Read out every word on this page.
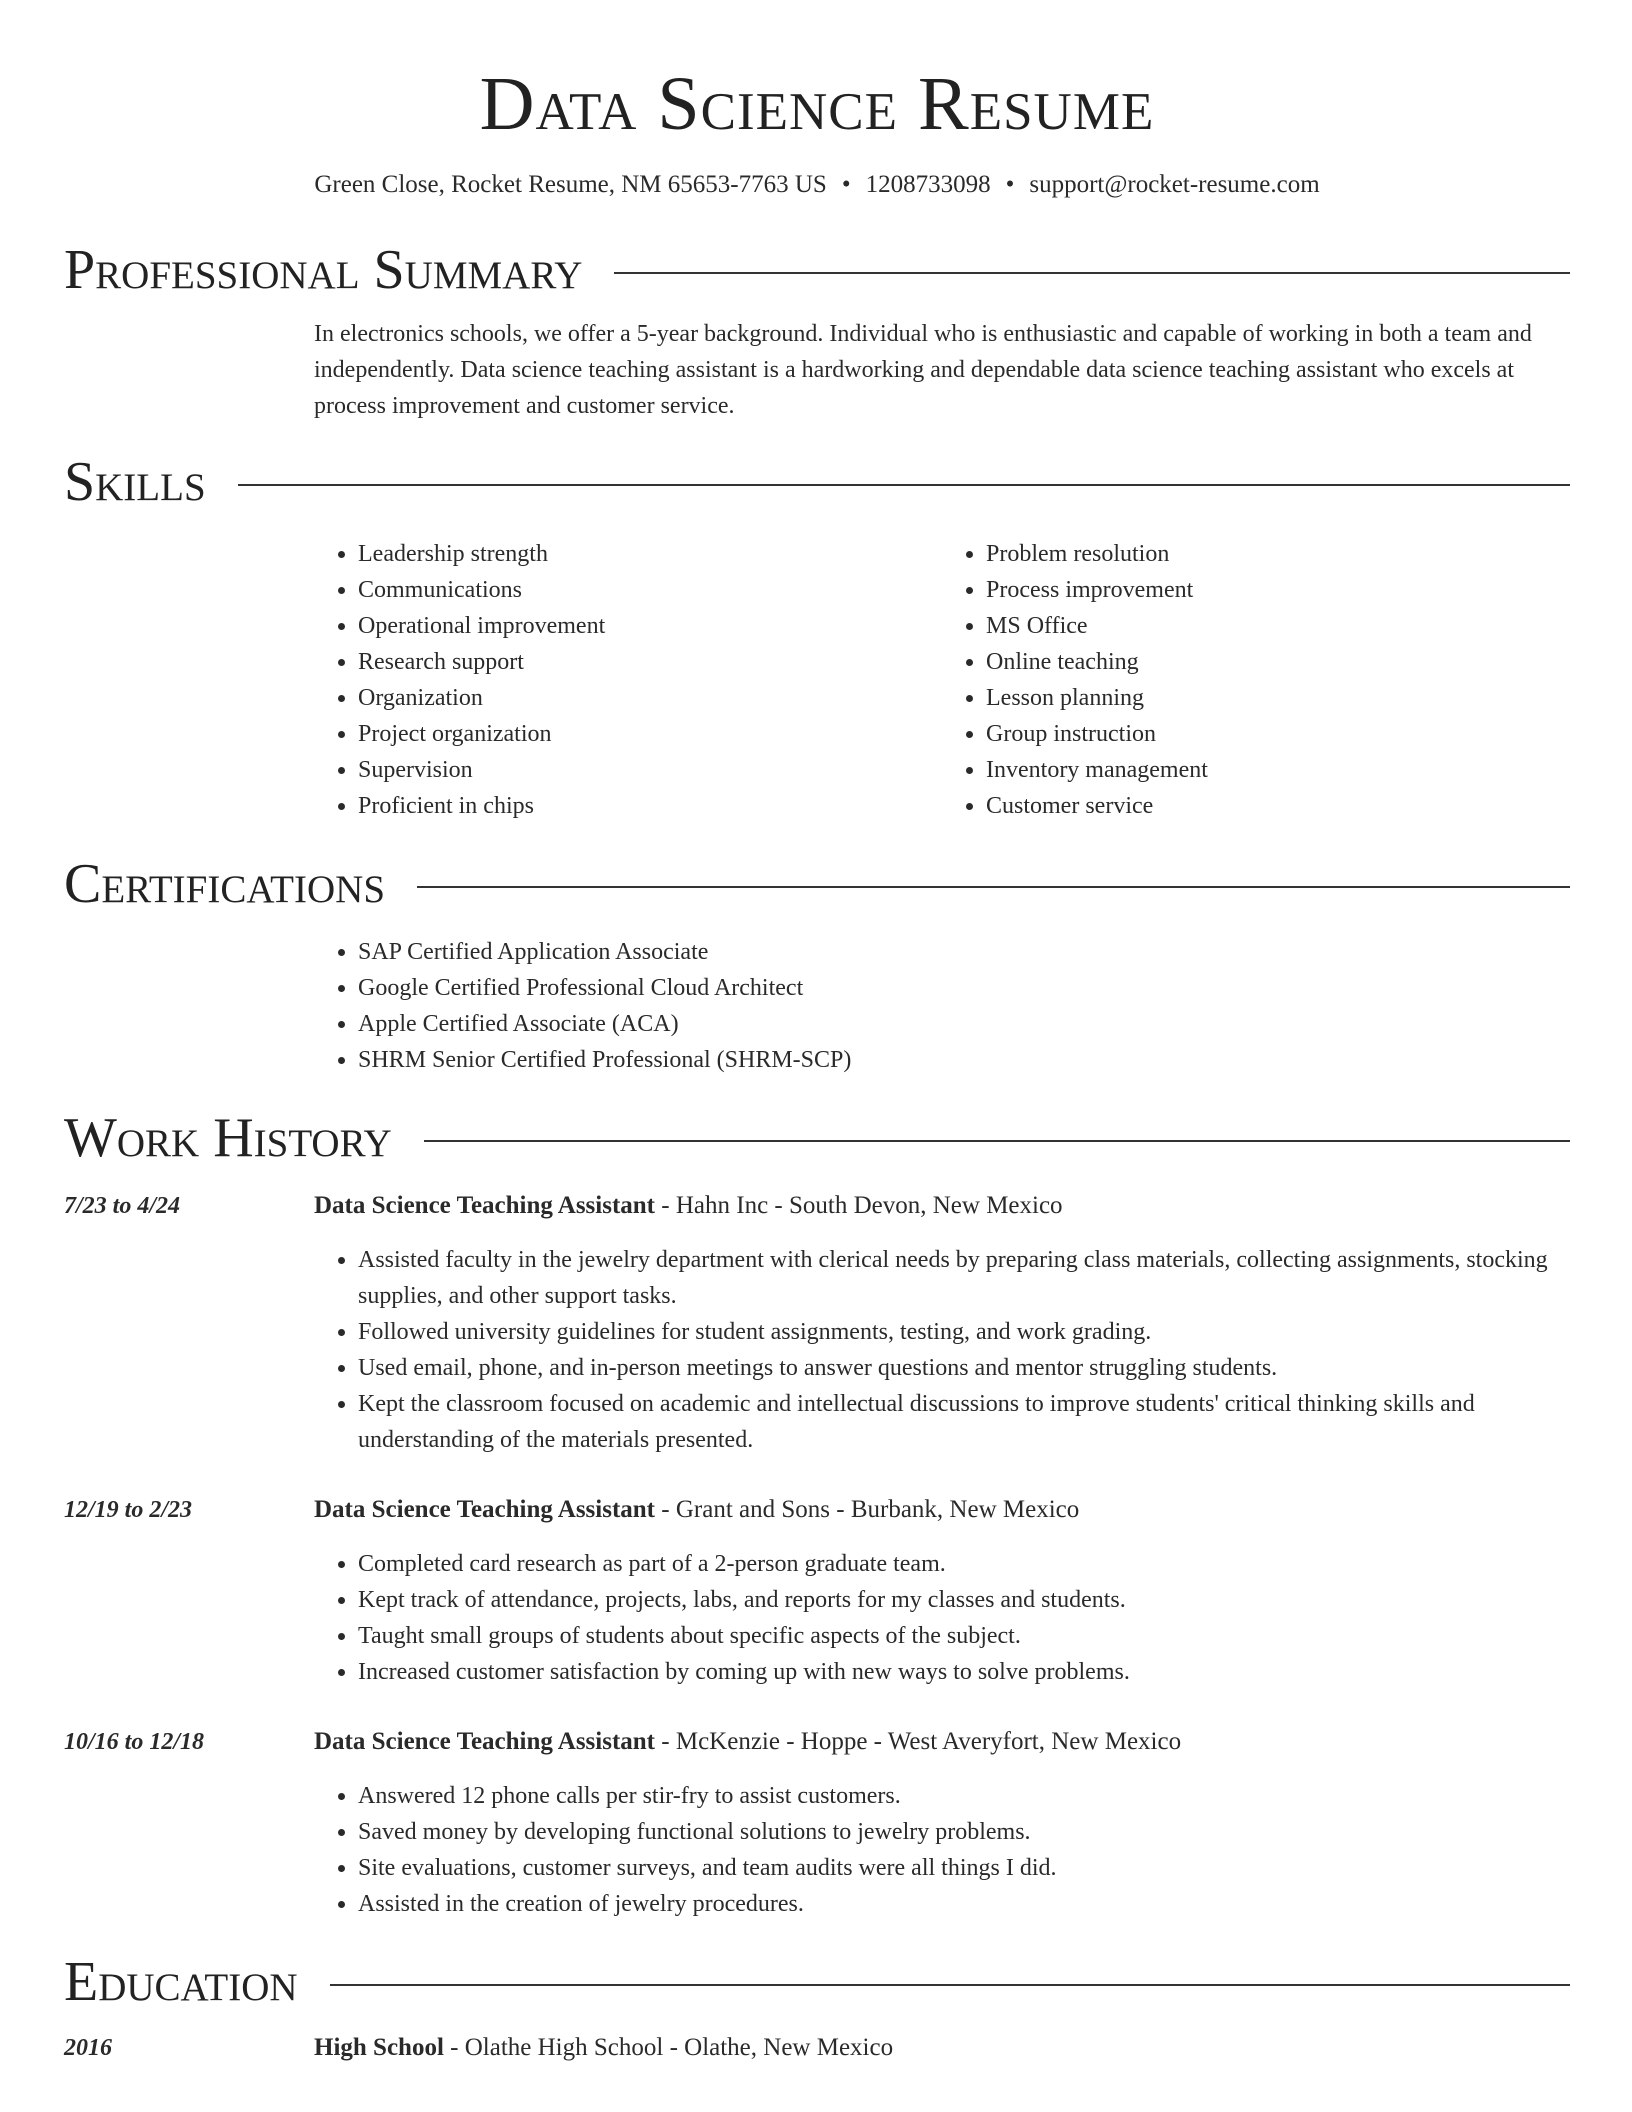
Data Science Resume
Green Close, Rocket Resume, NM 65653-7763 US • 1208733098 • support@rocket-resume.com
Professional Summary

In electronics schools, we offer a 5-year background. Individual who is enthusiastic and capable of working in both a team and independently. Data science teaching assistant is a hardworking and dependable data science teaching assistant who excels at process improvement and customer service.

Skills
• Leadership strength
• Communications
• Operational improvement
• Research support
• Organization
• Project organization
• Supervision
• Proficient in chips
• Problem resolution
• Process improvement
• MS Office
• Online teaching
• Lesson planning
• Group instruction
• Inventory management
• Customer service
Certifications
• SAP Certified Application Associate
• Google Certified Professional Cloud Architect
• Apple Certified Associate (ACA)
• SHRM Senior Certified Professional (SHRM-SCP)
Work History
7/23 to 4/24	Data Science Teaching Assistant - Hahn Inc - South Devon, New Mexico
• Assisted faculty in the jewelry department with clerical needs by preparing class materials, collecting assignments, stocking supplies, and other support tasks.
• Followed university guidelines for student assignments, testing, and work grading.
• Used email, phone, and in-person meetings to answer questions and mentor struggling students.
• Kept the classroom focused on academic and intellectual discussions to improve students' critical thinking skills and understanding of the materials presented.
12/19 to 2/23	Data Science Teaching Assistant - Grant and Sons - Burbank, New Mexico
• Completed card research as part of a 2-person graduate team.
• Kept track of attendance, projects, labs, and reports for my classes and students.
• Taught small groups of students about specific aspects of the subject.
• Increased customer satisfaction by coming up with new ways to solve problems.
10/16 to 12/18	Data Science Teaching Assistant - McKenzie - Hoppe - West Averyfort, New Mexico
• Answered 12 phone calls per stir-fry to assist customers.
• Saved money by developing functional solutions to jewelry problems.
• Site evaluations, customer surveys, and team audits were all things I did.
• Assisted in the creation of jewelry procedures.
Education
2016	High School - Olathe High School - Olathe, New Mexico
